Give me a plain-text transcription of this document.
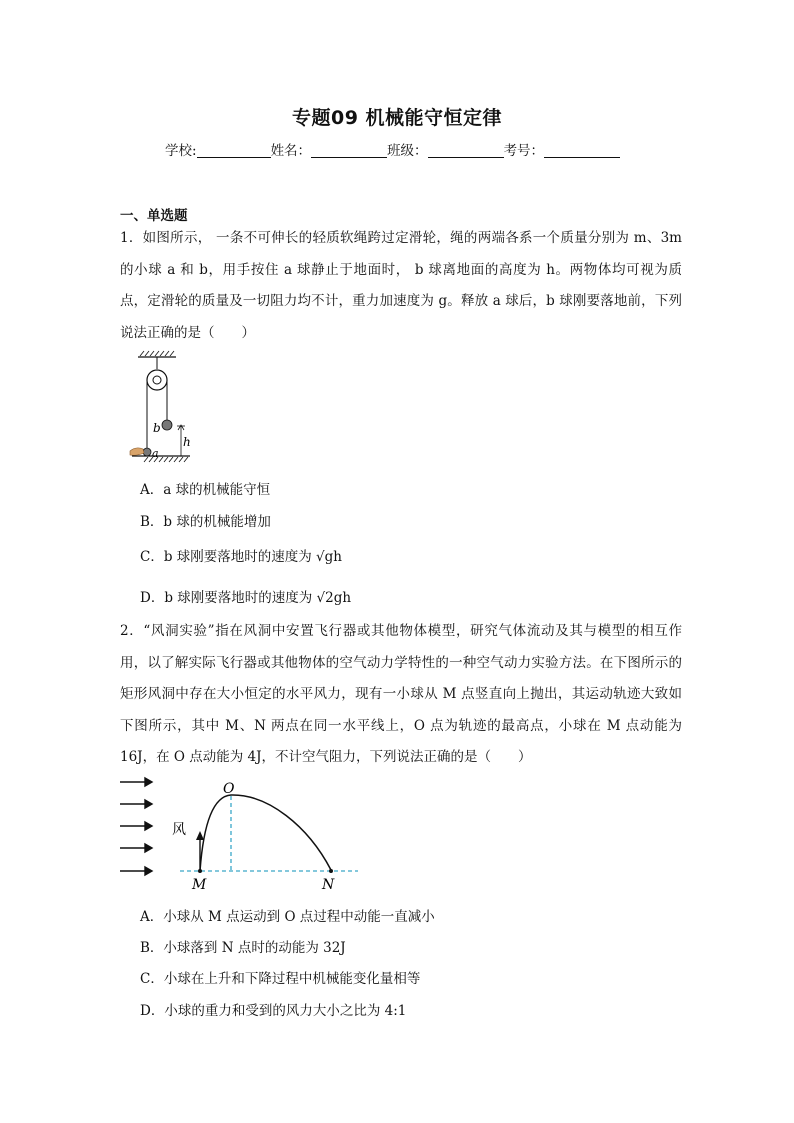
专题09 机械能守恒定律
学校:	姓名：	班级：	考号：
一、单选题
1．如图所示， 一条不可伸长的轻质软绳跨过定滑轮，绳的两端各系一个质量分别为 m、3m 的小球 a 和 b，用手按住 a 球静止于地面时， b 球离地面的高度为 h。两物体均可视为质点，定滑轮的质量及一切阻力均不计，重力加速度为 g。释放 a 球后，b 球刚要落地前，下列说法正确的是（　　）
b
h
a
A．a 球的机械能守恒
B．b 球的机械能增加
C．b 球刚要落地时的速度为 √gh
D．b 球刚要落地时的速度为 √2gh
2．“风洞实验”指在风洞中安置飞行器或其他物体模型，研究气体流动及其与模型的相互作用，以了解实际飞行器或其他物体的空气动力学特性的一种空气动力实验方法。在下图所示的矩形风洞中存在大小恒定的水平风力，现有一小球从 M 点竖直向上抛出，其运动轨迹大致如下图所示，其中 M、N 两点在同一水平线上，O 点为轨迹的最高点，小球在 M 点动能为 16J，在 O 点动能为 4J，不计空气阻力，下列说法正确的是（　　）
O
风
M	N
A．小球从 M 点运动到 O 点过程中动能一直减小
B．小球落到 N 点时的动能为 32J
C．小球在上升和下降过程中机械能变化量相等
D．小球的重力和受到的风力大小之比为 4:1
